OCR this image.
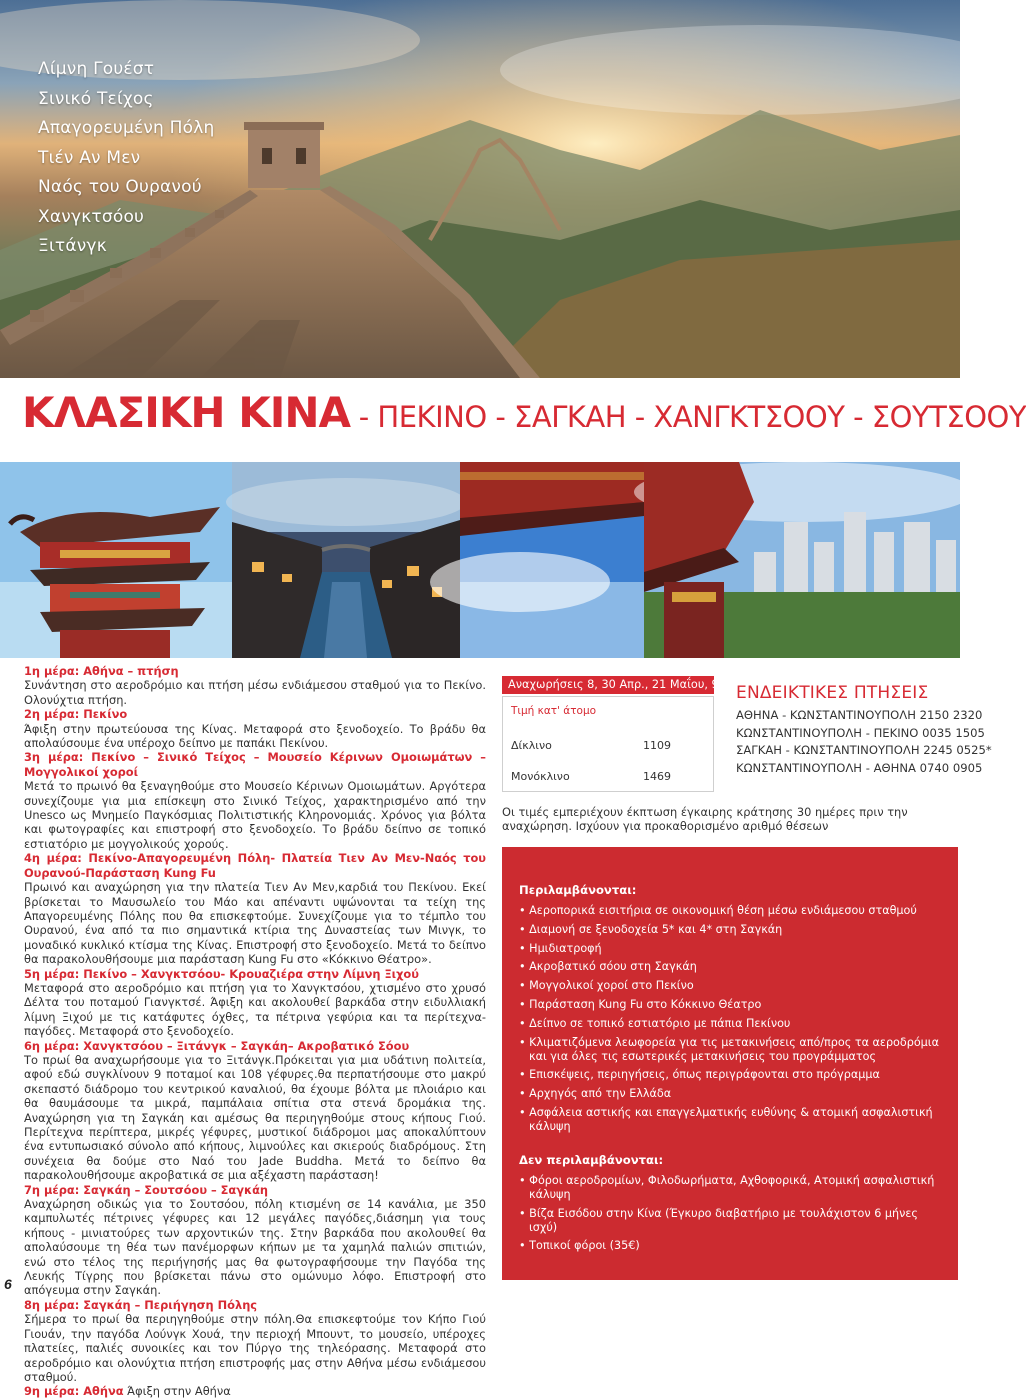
Λίμνη Γουέστ
Σινικό Τείχος
Απαγορευμένη Πόλη
Τιέν Αν Μεν
Ναός του Ουρανού
Χανγκτσόου
Ξιτάνγκ
ΚΛΑΣΙΚΗ ΚΙΝΑ - ΠΕΚΙΝΟ - ΣΑΓΚΑΗ - ΧΑΝΓΚΤΣΟΟΥ - ΣΟΥΤΣΟΟΥ

1η μέρα: Αθήνα – πτήση
Συνάντηση στο αεροδρόμιο και πτήση μέσω ενδιάμεσου σταθμού για το Πεκίνο. Ολονύχτια πτήση.

2η μέρα: Πεκίνο
Άφιξη στην πρωτεύουσα της Κίνας. Μεταφορά στο ξενοδοχείο. Το βράδυ θα απολαύσουμε ένα υπέροχο δείπνο με παπάκι Πεκίνου.

3η μέρα: Πεκίνο – Σινικό Τείχος – Μουσείο Κέρινων Ομοιωμάτων – Μογγολικοί χοροί
Μετά το πρωινό θα ξεναγηθούμε στο Μουσείο Κέρινων Ομοιωμάτων. Αργότερα συνεχίζουμε για μια επίσκεψη στο Σινικό Τείχος, χαρακτηρισμένο από την Unesco ως Μνημείο Παγκόσμιας Πολιτιστικής Κληρονομιάς. Χρόνος για βόλτα και φωτογραφίες και επιστροφή στο ξενοδοχείο. Το βράδυ δείπνο σε τοπικό εστιατόριο με μογγολικούς χορούς.

4η μέρα: Πεκίνο-Απαγορευμένη Πόλη- Πλατεία Τιεν Αν Μεν-Ναός του Ουρανού-Παράσταση Kung Fu
Πρωινό και αναχώρηση για την πλατεία Τιεν Αν Μεν,καρδιά του Πεκίνου. Εκεί βρίσκεται το Μαυσωλείο του Μάο και απέναντι υψώνονται τα τείχη της Απαγορευμένης Πόλης που θα επισκεφτούμε. Συνεχίζουμε για το τέμπλο του Ουρανού, ένα από τα πιο σημαντικά κτίρια της Δυναστείας των Μινγκ, το μοναδικό κυκλικό κτίσμα της Κίνας. Επιστροφή στο ξενοδοχείο. Μετά το δείπνο θα παρακολουθήσουμε μια παράσταση Kung Fu στο «Κόκκινο Θέατρο».

5η μέρα: Πεκίνο – Χανγκτσόου- Κρουαζιέρα στην Λίμνη Ξιχού
Μεταφορά στο αεροδρόμιο και πτήση για το Χανγκτσόου, χτισμένο στο χρυσό Δέλτα του ποταμού Γιανγκτσέ. Άφιξη και ακολουθεί βαρκάδα στην ειδυλλιακή λίμνη Ξιχού με τις κατάφυτες όχθες, τα πέτρινα γεφύρια και τα περίτεχνα-παγόδες. Μεταφορά στο ξενοδοχείο.

6η μέρα: Χανγκτσόου – Ξιτάνγκ – Σαγκάη– Ακροβατικό Σόου
Το πρωί θα αναχωρήσουμε για το Ξιτάνγκ.Πρόκειται για μια υδάτινη πολιτεία, αφού εδώ συγκλίνουν 9 ποταμοί και 108 γέφυρες.θα περπατήσουμε στο μακρύ σκεπαστό διάδρομο του κεντρικού καναλιού, θα έχουμε βόλτα με πλοιάριο και θα θαυμάσουμε τα μικρά, παμπάλαια σπίτια στα στενά δρομάκια της. Αναχώρηση για τη Σαγκάη και αμέσως θα περιηγηθούμε στους κήπους Γιού. Περίτεχνα περίπτερα, μικρές γέφυρες, μυστικοί διάδρομοι μας αποκαλύπτουν ένα εντυπωσιακό σύνολο από κήπους, λιμνούλες και σκιερούς διαδρόμους. Στη συνέχεια θα δούμε στο Ναό του Jade Buddha. Μετά το δείπνο θα παρακολουθήσουμε ακροβατικά σε μια αξέχαστη παράσταση!

7η μέρα: Σαγκάη – Σουτσόου – Σαγκάη
Αναχώρηση οδικώς για το Σουτσόου, πόλη κτισμένη σε 14 κανάλια, με 350 καμπυλωτές πέτρινες γέφυρες και 12 μεγάλες παγόδες,διάσημη για τους κήπους - μινιατούρες των αρχοντικών της. Στην βαρκάδα που ακολουθεί θα απολαύσουμε τη θέα των πανέμορφων κήπων με τα χαμηλά παλιών σπιτιών, ενώ στο τέλος της περιήγησής μας θα φωτογραφήσουμε την Παγόδα της Λευκής Τίγρης που βρίσκεται πάνω στο ομώνυμο λόφο. Επιστροφή στο απόγευμα στην Σαγκάη.

8η μέρα: Σαγκάη – Περιήγηση Πόλης
Σήμερα το πρωί θα περιηγηθούμε στην πόλη.Θα επισκεφτούμε τον Κήπο Γιού Γιουάν, την παγόδα Λούνγκ Χουά, την περιοχή Μπουντ, το μουσείο, υπέροχες πλατείες, παλιές συνοικίες και τον Πύργο της τηλεόρασης. Μεταφορά στο αεροδρόμιο και ολονύχτια πτήση επιστροφής μας στην Αθήνα μέσω ενδιάμεσου σταθμού.

9η μέρα: Αθήνα Άφιξη στην Αθήνα

6
Αναχωρήσεις 8, 30 Απρ., 21 Μαΐου, 9 μέρες
Τιμή κατ' άτομο
Δίκλινο	1109
Μονόκλινο	1469
ΕΝΔΕΙΚΤΙΚΕΣ ΠΤΗΣΕΙΣ
ΑΘΗΝΑ - ΚΩΝΣΤΑΝΤΙΝΟΥΠΟΛΗ 2150 2320
ΚΩΝΣΤΑΝΤΙΝΟΥΠΟΛΗ - ΠΕΚΙΝΟ 0035 1505
ΣΑΓΚΑΗ - ΚΩΝΣΤΑΝΤΙΝΟΥΠΟΛΗ 2245 0525*
ΚΩΝΣΤΑΝΤΙΝΟΥΠΟΛΗ - ΑΘΗΝΑ 0740 0905
Οι τιμές εμπεριέχουν έκπτωση έγκαιρης κράτησης 30 ημέρες πριν την αναχώρηση. Ισχύουν για προκαθορισμένο αριθμό θέσεων

Περιλαμβάνονται:

• Αεροπορικά εισιτήρια σε οικονομική θέση μέσω ενδιάμεσου σταθμού
• Διαμονή σε ξενοδοχεία 5* και 4* στη Σαγκάη
• Ημιδιατροφή
• Ακροβατικό σόου στη Σαγκάη
• Μογγολικοί χοροί στο Πεκίνο
• Παράσταση Kung Fu στο Κόκκινο Θέατρο
• Δείπνο σε τοπικό εστιατόριο με πάπια Πεκίνου
• Κλιματιζόμενα λεωφορεία για τις μετακινήσεις από/προς τα αεροδρόμια και για όλες τις εσωτερικές μετακινήσεις του προγράμματος
• Επισκέψεις, περιηγήσεις, όπως περιγράφονται στο πρόγραμμα
• Αρχηγός από την Ελλάδα
• Ασφάλεια αστικής και επαγγελματικής ευθύνης & ατομική ασφαλιστική κάλυψη

Δεν περιλαμβάνονται:

• Φόροι αεροδρομίων, Φιλοδωρήματα, Αχθοφορικά, Ατομική ασφαλιστική κάλυψη
• Βίζα Εισόδου στην Κίνα (Έγκυρο διαβατήριο με τουλάχιστον 6 μήνες ισχύ)
• Τοπικοί φόροι (35€)
